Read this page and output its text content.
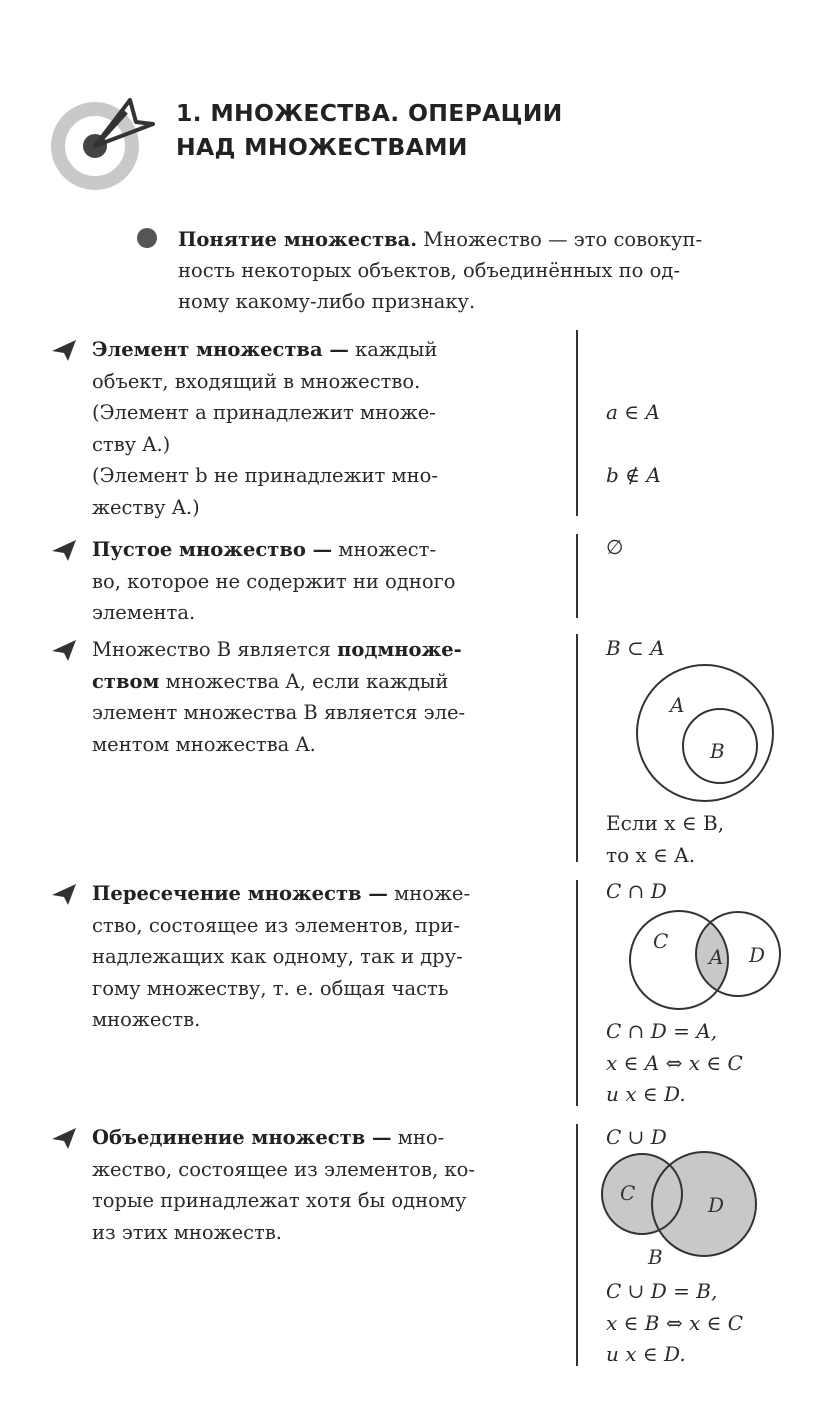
1. МНОЖЕСТВА. ОПЕРАЦИИ
НАД МНОЖЕСТВАМИ
Понятие множества. Множество — это совокуп-
ность некоторых объектов, объединённых по од-
ному какому-либо признаку.
Элемент множества — каждый
объект, входящий в множество.
(Элемент a принадлежит множе-
ству A.)
(Элемент b не принадлежит мно-
жеству A.)
a ∈ A
b ∉ A
Пустое множество — множест-
во, которое не содержит ни одного
элемента.
∅
Множество B является подмноже-
ством множества A, если каждый
элемент множества B является эле-
ментом множества A.
B ⊂ A
A
B
Если x ∈ B,
то x ∈ A.
Пересечение множеств — множе-
ство, состоящее из элементов, при-
надлежащих как одному, так и дру-
гому множеству, т. е. общая часть
множеств.
C ∩ D
C
A D
C ∩ D = A,
x ∈ A ⇔ x ∈ C
и x ∈ D.
Объединение множеств — мно-
жество, состоящее из элементов, ко-
торые принадлежат хотя бы одному
из этих множеств.
C ∪ D
C	D
B
C ∪ D = B,
x ∈ B ⇔ x ∈ C
и x ∈ D.
